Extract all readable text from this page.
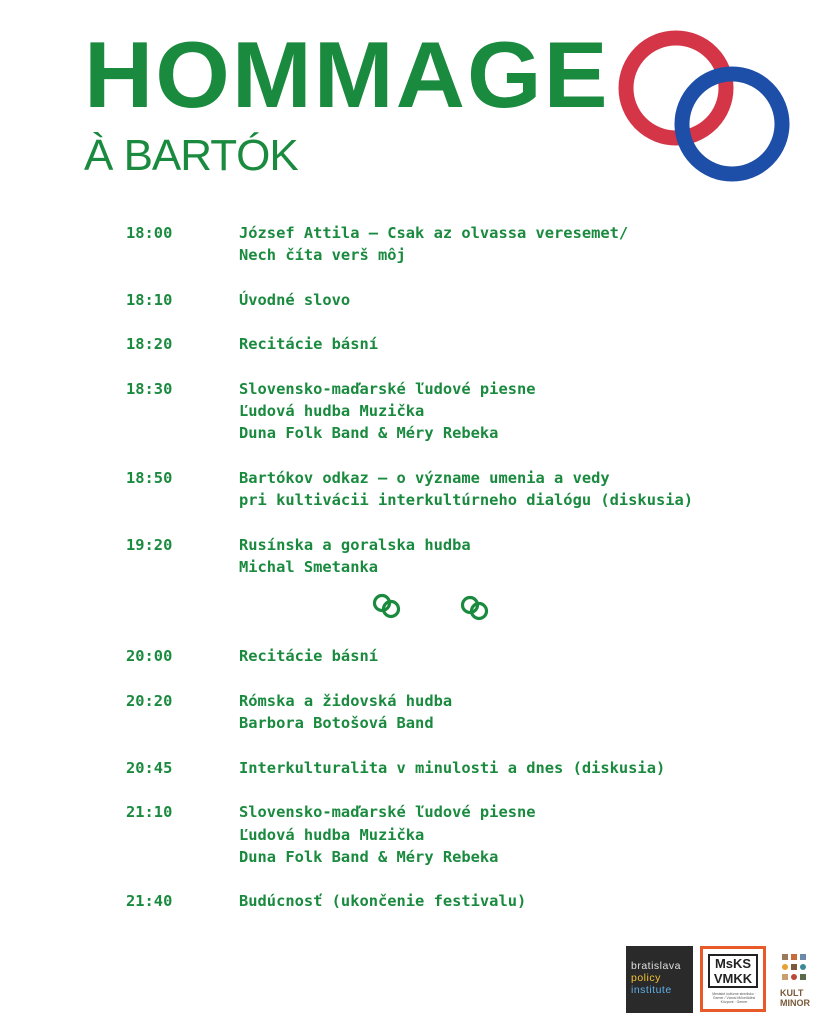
HOMMAGE
À BARTÓK
18:00	József Attila – Csak az olvassa veresemet/
Nech číta verš môj
18:10	Úvodné slovo
18:20	Recitácie básní
18:30	Slovensko-maďarské ľudové piesne
Ľudová hudba Muzička
Duna Folk Band & Méry Rebeka
18:50	Bartókov odkaz – o význame umenia a vedy
pri kultivácii interkultúrneho dialógu (diskusia)
19:20	Rusínska a goralska hudba
Michal Smetanka
20:00	Recitácie básní
20:20	Rómska a židovská hudba
Barbora Botošová Band
20:45	Interkulturalita v minulosti a dnes (diskusia)
21:10	Slovensko-maďarské ľudové piesne
Ľudová hudba Muzička
Duna Folk Band & Méry Rebeka
21:40	Budúcnosť (ukončenie festivalu)
bratislava
policy
institute
MsKS VMKK
Mestské kultúrne stredisko · Gemer / Városi Művelődési Központ · Gemer
KULT
MINOR
